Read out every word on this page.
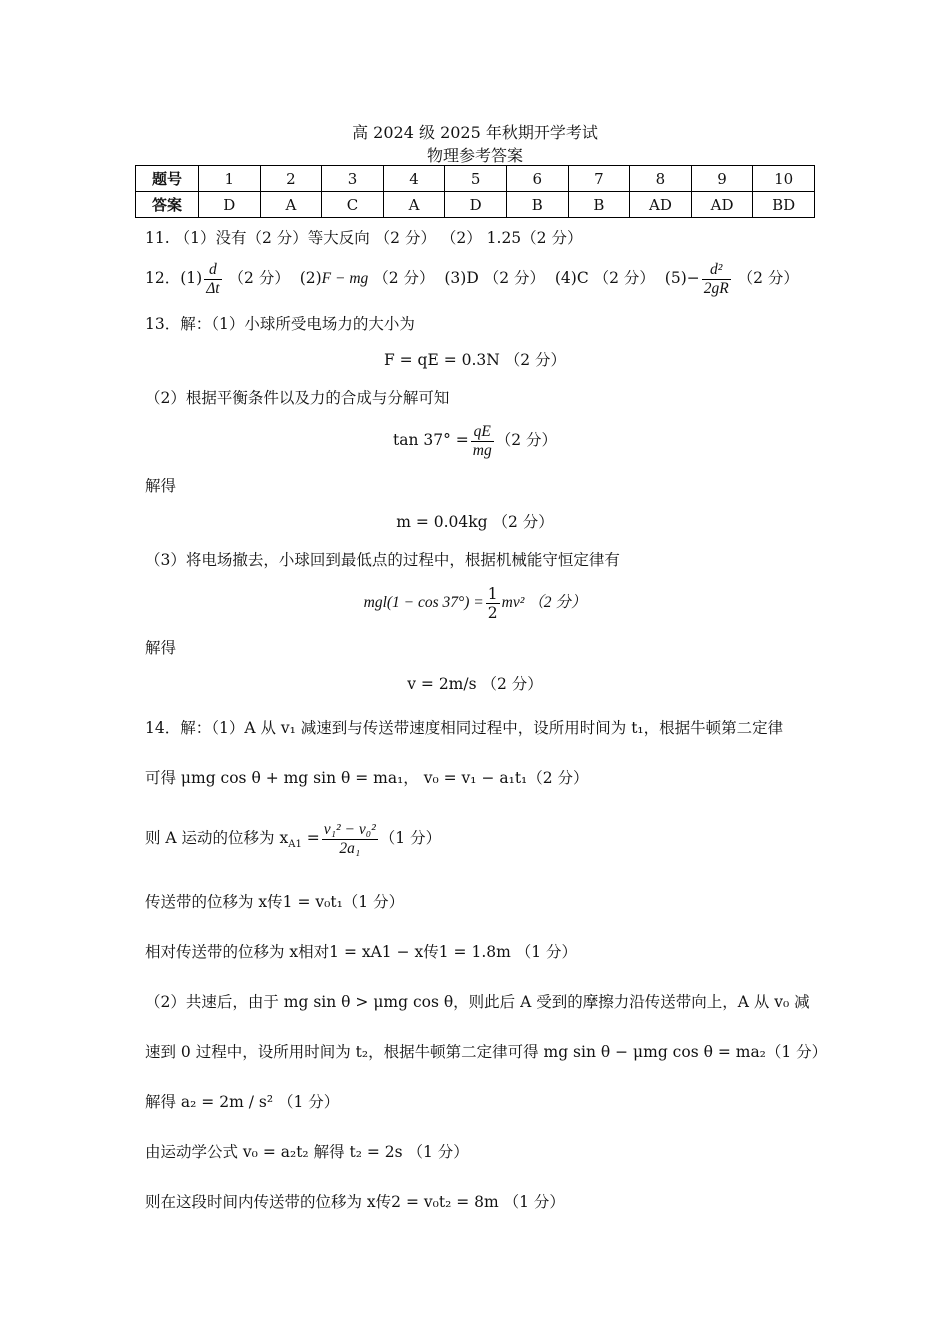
高 2024 级 2025 年秋期开学考试
物理参考答案
题号	1	2	3	4	5	6	7	8	9	10
答案	D	A	C	A	D	B	B	AD	AD	BD
11. （1）没有（2 分）等大反向 （2 分） （2） 1.25（2 分）
12．$(1) \frac{d}{\Delta t} (2$ 分） (2)F − mg （2 分） (3)D （2 分） (4)C （2 分） $(5)- \frac{\text{d²}}{2gR} (2$ 分）
13．解：（1）小球所受电场力的大小为
F = qE = 0.3N （2 分）
（2）根据平衡条件以及力的合成与分解可知
$\tan 37^\circ = \frac{qE}{mg} (2$ 分）
解得
m = 0.04kg （2 分）
（3）将电场撤去，小球回到最低点的过程中，根据机械能守恒定律有
$mgl(1 - \cos 37^\circ) = \frac{1}{2} mv^2$ （2 分）
解得
v = 2m/s （2 分）
14．解：（1）A 从 v₁ 减速到与传送带速度相同过程中，设所用时间为 t₁，根据牛顿第二定律
可得 μmg cos θ + mg sin θ = ma₁， v₀ = v₁ − a₁t₁（2 分）
则 A 运动的位移为 $x_{A1} = \frac{\text{v₁² − v₀²}}{\text{2a₁}} (1$ 分）
传送带的位移为 x传1 = v₀t₁（1 分）
相对传送带的位移为 x相对1 = xA1 − x传1 = 1.8m （1 分）
（2）共速后，由于 mg sin θ > μmg cos θ，则此后 A 受到的摩擦力沿传送带向上，A 从 v₀ 减
速到 0 过程中，设所用时间为 t₂，根据牛顿第二定律可得 mg sin θ − μmg cos θ = ma₂（1 分）
解得 a₂ = 2m / s² （1 分）
由运动学公式 v₀ = a₂t₂ 解得 t₂ = 2s （1 分）
则在这段时间内传送带的位移为 x传2 = v₀t₂ = 8m （1 分）
